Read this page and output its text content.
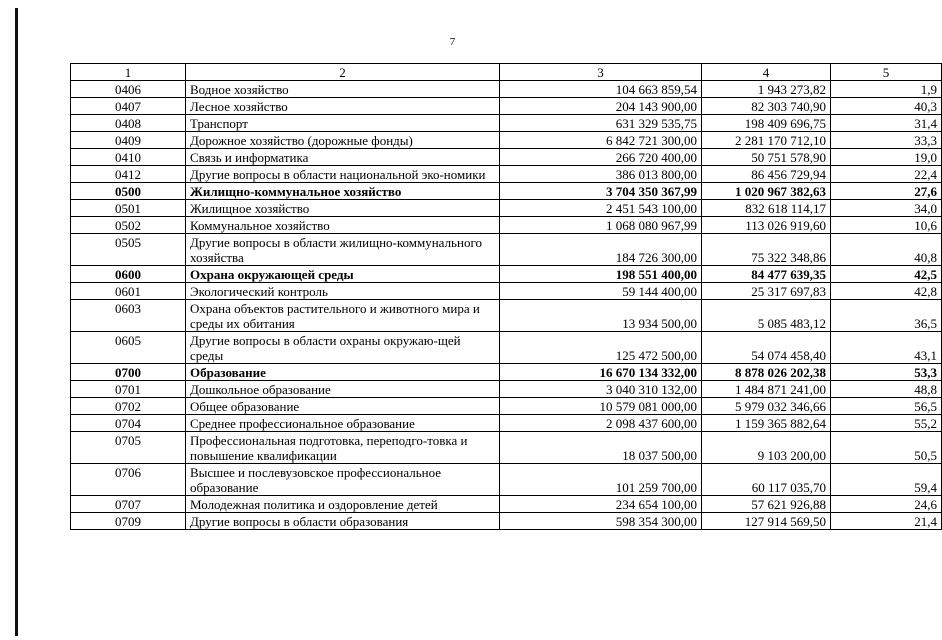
7
1	2	3	4	5
0406	Водное хозяйство	104 663 859,54	1 943 273,82	1,9
0407	Лесное хозяйство	204 143 900,00	82 303 740,90	40,3
0408	Транспорт	631 329 535,75	198 409 696,75	31,4
0409	Дорожное хозяйство (дорожные фонды)	6 842 721 300,00	2 281 170 712,10	33,3
0410	Связь и информатика	266 720 400,00	50 751 578,90	19,0
0412	Другие вопросы в области национальной эко-номики	386 013 800,00	86 456 729,94	22,4
0500	Жилищно-коммунальное хозяйство	3 704 350 367,99	1 020 967 382,63	27,6
0501	Жилищное хозяйство	2 451 543 100,00	832 618 114,17	34,0
0502	Коммунальное хозяйство	1 068 080 967,99	113 026 919,60	10,6
0505	Другие вопросы в области жилищно-коммунального хозяйства	184 726 300,00	75 322 348,86	40,8
0600	Охрана окружающей среды	198 551 400,00	84 477 639,35	42,5
0601	Экологический контроль	59 144 400,00	25 317 697,83	42,8
0603	Охрана объектов растительного и животного мира и среды их обитания	13 934 500,00	5 085 483,12	36,5
0605	Другие вопросы в области охраны окружаю-щей среды	125 472 500,00	54 074 458,40	43,1
0700	Образование	16 670 134 332,00	8 878 026 202,38	53,3
0701	Дошкольное образование	3 040 310 132,00	1 484 871 241,00	48,8
0702	Общее образование	10 579 081 000,00	5 979 032 346,66	56,5
0704	Среднее профессиональное образование	2 098 437 600,00	1 159 365 882,64	55,2
0705	Профессиональная подготовка, переподго-товка и повышение квалификации	18 037 500,00	9 103 200,00	50,5
0706	Высшее и послевузовское профессиональное образование	101 259 700,00	60 117 035,70	59,4
0707	Молодежная политика и оздоровление детей	234 654 100,00	57 621 926,88	24,6
0709	Другие вопросы в области образования	598 354 300,00	127 914 569,50	21,4
